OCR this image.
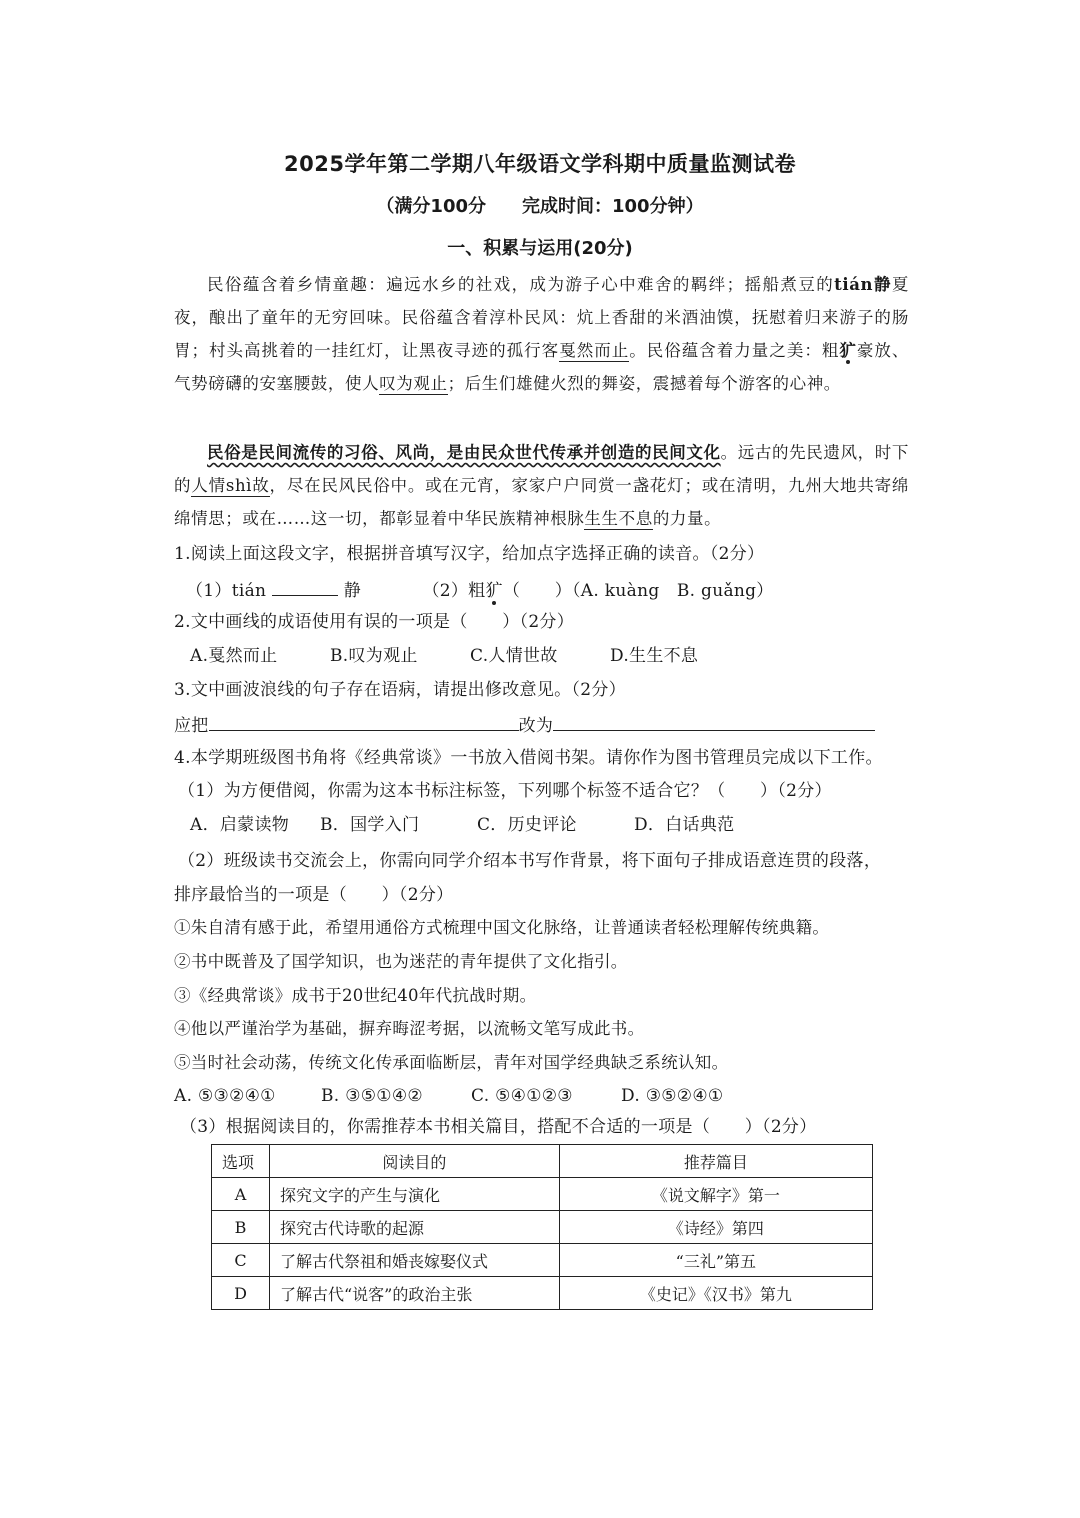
2025学年第二学期八年级语文学科期中质量监测试卷
（满分100分　　完成时间：100分钟）
一、积累与运用(20分)
民俗蕴含着乡情童趣：遍远水乡的社戏，成为游子心中难舍的羁绊；摇船煮豆的tián静夏夜，酿出了童年的无穷回味。民俗蕴含着淳朴民风：炕上香甜的米酒油馍，抚慰着归来游子的肠胃；村头高挑着的一挂红灯，让黑夜寻迹的孤行客戛然而止。民俗蕴含着力量之美：粗犷豪放、气势磅礴的安塞腰鼓，使人叹为观止；后生们雄健火烈的舞姿，震撼着每个游客的心神。
民俗是民间流传的习俗、风尚，是由民众世代传承并创造的民间文化。远古的先民遗风，时下的人情shì故，尽在民风民俗中。或在元宵，家家户户同赏一盏花灯；或在清明，九州大地共寄绵绵情思；或在……这一切，都彰显着中华民族精神根脉生生不息的力量。
1.阅读上面这段文字，根据拼音填写汉字，给加点字选择正确的读音。（2分）
（1）tián	静	（2）粗犷（　　）（A. kuàng　B. guǎng）
2.文中画线的成语使用有误的一项是（　　）（2分）
A.戛然而止	B.叹为观止	C.人情世故	D.生生不息
3.文中画波浪线的句子存在语病，请提出修改意见。（2分）
应把	改为
4.本学期班级图书角将《经典常谈》一书放入借阅书架。请你作为图书管理员完成以下工作。
（1）为方便借阅，你需为这本书标注标签，下列哪个标签不适合它？（　　）（2分）
A．启蒙读物 B．国学入门	C．历史评论	D．白话典范
（2）班级读书交流会上，你需向同学介绍本书写作背景，将下面句子排成语意连贯的段落，
排序最恰当的一项是（　　）（2分）
①朱自清有感于此，希望用通俗方式梳理中国文化脉络，让普通读者轻松理解传统典籍。
②书中既普及了国学知识，也为迷茫的青年提供了文化指引。
③《经典常谈》成书于20世纪40年代抗战时期。
④他以严谨治学为基础，摒弃晦涩考据，以流畅文笔写成此书。
⑤当时社会动荡，传统文化传承面临断层，青年对国学经典缺乏系统认知。
A. ⑤③②④①	B. ③⑤①④②	C. ⑤④①②③	D. ③⑤②④①
（3）根据阅读目的，你需推荐本书相关篇目，搭配不合适的一项是（　　）（2分）
选项	阅读目的	推荐篇目
A	探究文字的产生与演化	《说文解字》第一
B	探究古代诗歌的起源	《诗经》第四
C	了解古代祭祖和婚丧嫁娶仪式	“三礼”第五
D	了解古代“说客”的政治主张	《史记》《汉书》第九
